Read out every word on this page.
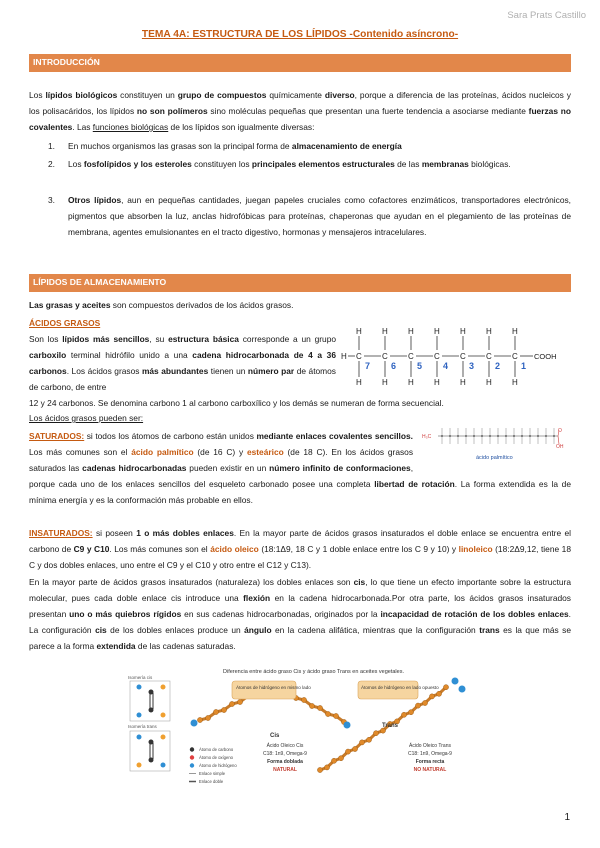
Sara Prats Castillo
TEMA 4A: ESTRUCTURA DE LOS LÍPIDOS -Contenido asíncrono-
INTRODUCCIÓN
Los lípidos biológicos constituyen un grupo de compuestos químicamente diverso, porque a diferencia de las proteínas, ácidos nucleicos y los polisacáridos, los lípidos no son polímeros sino moléculas pequeñas que presentan una fuerte tendencia a asociarse mediante fuerzas no covalentes. Las funciones biológicas de los lípidos son igualmente diversas:
1. En muchos organismos las grasas son la principal forma de almacenamiento de energía
2. Los fosfolípidos y los esteroles constituyen los principales elementos estructurales de las membranas biológicas.
3. Otros lípidos, aun en pequeñas cantidades, juegan papeles cruciales como cofactores enzimáticos, transportadores electrónicos, pigmentos que absorben la luz, anclas hidrofóbicas para proteínas, chaperonas que ayudan en el plegamiento de las proteínas de membrana, agentes emulsionantes en el tracto digestivo, hormonas y mensajeros intracelulares.
LÍPIDOS DE ALMACENAMIENTO
Las grasas y aceites son compuestos derivados de los ácidos grasos.
ÁCIDOS GRASOS
Son los lípidos más sencillos, su estructura básica corresponde a un grupo carboxilo terminal hidrófilo unido a una cadena hidrocarbonada de 4 a 36 carbonos. Los ácidos grasos más abundantes tienen un número par de átomos de carbono, de entre
H C
H
H
7
C
H
H
6
C
H
H
5
C
H
H
4
C
H
H
3
C
H
H
2
C
H
H
1
COOH
12 y 24 carbonos. Se denomina carbono 1 al carbono carboxílico y los demás se numeran de forma secuencial.
Los ácidos grasos pueden ser:
SATURADOS: si todos los átomos de carbono están unidos mediante enlaces covalentes sencillos. Los más comunes son el ácido palmítico (de 16 C) y esteárico (de 18 C). En los ácidos grasos saturados las cadenas hidrocarbonadas pueden existir en un número infinito de conformaciones, porque cada uno de los enlaces sencillos del esqueleto carbonado posee una completa libertad de rotación. La forma extendida es la de mínima energía y es la conformación más probable en ellos.
H₃C
O
OH
ácido palmítico
INSATURADOS: si poseen 1 o más dobles enlaces. En la mayor parte de ácidos grasos insaturados el doble enlace se encuentra entre el carbono de C9 y C10. Los más comunes son el ácido oleico (18:1Δ9, 18 C y 1 doble enlace entre los C 9 y 10) y linoleico (18:2Δ9,12, tiene 18 C y dos dobles enlaces, uno entre el C9 y el C10 y otro entre el C12 y C13).
En la mayor parte de ácidos grasos insaturados (naturaleza) los dobles enlaces son cis, lo que tiene un efecto importante sobre la estructura molecular, pues cada doble enlace cis introduce una flexión en la cadena hidrocarbonada.Por otra parte, los ácidos grasos insaturados presentan uno o más quiebros rígidos en sus cadenas hidrocarbonadas, originados por la incapacidad de rotación de los dobles enlaces. La configuración cis de los dobles enlaces produce un ángulo en la cadena alifática, mientras que la configuración trans es la que más se parece a la forma extendida de las cadenas saturadas.
Diferencia entre ácido graso Cis y ácido graso Trans en aceites vegetales.
Isomería cis
Isomería trans
Átomos de hidrógeno en mismo lado	Átomos de hidrógeno en lado opuesto
Cis
Trans
Átomo de carbono
Átomo de oxígeno
Átomo de hidrógeno
Enlace simple
Enlace doble
Ácido Oleico Cis
C18: 1n9, Omega-9
Forma doblada
NATURAL
Ácido Oleico Trans
C18: 1n9, Omega-9
Forma recta
NO NATURAL
1
